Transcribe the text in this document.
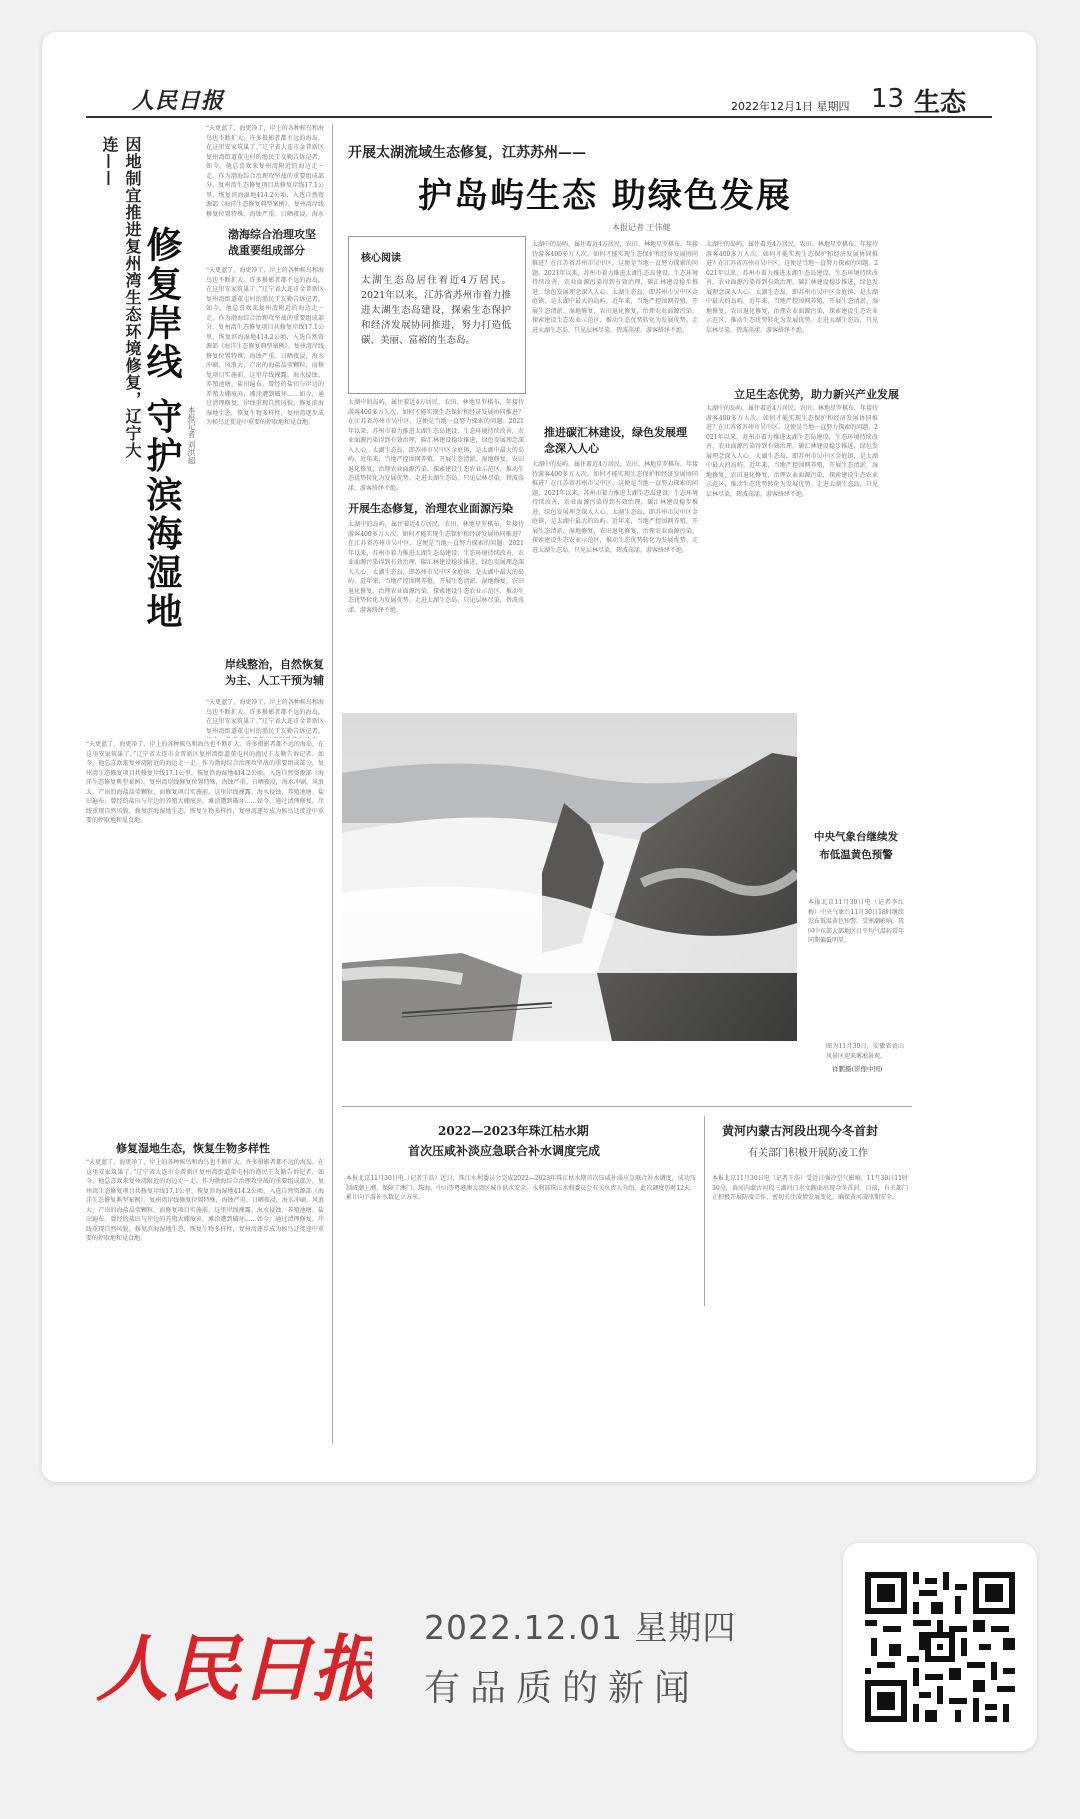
人民日报	2022年12月1日 星期四 13 生态
因地制宜推进复州湾生态环境修复，辽宁大连——
修复岸线 守护滨海湿地 本报记者 刘洪超
“天更蓝了，海更净了，岸上的各种候鸟和海鸟也不断扩大。许多摄影者都不远的海岛，在这里安家筑巢了。”辽宁省大连市金普新区复州湾街道董屯村的渔民王友勤告诉记者。如今，他总喜欢来复州湾附近的海边走一走。作为渤海综合治理攻坚战的重要组成部分，复州湾生态修复项目共修复岸线17.1公里，恢复滨海湿地414.2公顷，入选自然资源部《海洋生态修复典型案例》。复州湾岸线修复位置特殊，海蚀严重。日晒夜浸，海水
渤海综合治理攻坚战重要组成部分
“天更蓝了，海更净了，岸上的各种候鸟和海鸟也不断扩大。许多摄影者都不远的海岛，在这里安家筑巢了。”辽宁省大连市金普新区复州湾街道董屯村的渔民王友勤告诉记者。如今，他总喜欢来复州湾附近的海边走一走。作为渤海综合治理攻坚战的重要组成部分，复州湾生态修复项目共修复岸线17.1公里，恢复滨海湿地414.2公顷，入选自然资源部《海洋生态修复典型案例》。复州湾岸线修复位置特殊，海蚀严重。日晒夜浸，海水冲刷、风浪大，产出的海盐晶莹颗粒，而修复项目实施前，这里岸线裸露、海水侵蚀、养殖池塘、盐田遍布。曾经的盐田与岸边的养殖大棚废弃，滩涂遭到破坏……如今，通过清理修复，岸线重现自然风貌。修复滨海湿地生态，恢复生物多样性，复州湾逐步成为候鸟迁徙途中重要的停歇地和觅食地。
岸线整治，自然恢复为主、人工干预为辅
“天更蓝了，海更净了，岸上的各种候鸟和海鸟也不断扩大。许多摄影者都不远的海岛，在这里安家筑巢了。”辽宁省大连市金普新区复州湾街道董屯村的渔民王友勤告诉记者。
“天更蓝了，海更净了，岸上的各种候鸟和海鸟也不断扩大。许多摄影者都不远的海岛，在这里安家筑巢了。”辽宁省大连市金普新区复州湾街道董屯村的渔民王友勤告诉记者。如今，他总喜欢来复州湾附近的海边走一走。作为渤海综合治理攻坚战的重要组成部分，复州湾生态修复项目共修复岸线17.1公里，恢复滨海湿地414.2公顷，入选自然资源部《海洋生态修复典型案例》。复州湾岸线修复位置特殊，海蚀严重。日晒夜浸，海水冲刷、风浪大，产出的海盐晶莹颗粒，而修复项目实施前，这里岸线裸露、海水侵蚀、养殖池塘、盐田遍布。曾经的盐田与岸边的养殖大棚废弃，滩涂遭到破坏……如今，通过清理修复，岸线重现自然风貌。修复滨海湿地生态，恢复生物多样性，复州湾逐步成为候鸟迁徙途中重要的停歇地和觅食地。
修复湿地生态，恢复生物多样性
“天更蓝了，海更净了，岸上的各种候鸟和海鸟也不断扩大。许多摄影者都不远的海岛，在这里安家筑巢了。”辽宁省大连市金普新区复州湾街道董屯村的渔民王友勤告诉记者。如今，他总喜欢来复州湾附近的海边走一走。作为渤海综合治理攻坚战的重要组成部分，复州湾生态修复项目共修复岸线17.1公里，恢复滨海湿地414.2公顷，入选自然资源部《海洋生态修复典型案例》。复州湾岸线修复位置特殊，海蚀严重。日晒夜浸，海水冲刷、风浪大，产出的海盐晶莹颗粒，而修复项目实施前，这里岸线裸露、海水侵蚀、养殖池塘、盐田遍布。曾经的盐田与岸边的养殖大棚废弃，滩涂遭到破坏……如今，通过清理修复，岸线重现自然风貌。修复滨海湿地生态，恢复生物多样性，复州湾逐步成为候鸟迁徙途中重要的停歇地和觅食地。
开展太湖流域生态修复，江苏苏州——
护岛屿生态 助绿色发展
本报记者 王伟健
核心阅读
太湖生态岛居住着近4万居民。2021年以来，江苏省苏州市着力推进太湖生态岛建设，探索生态保护和经济发展协同推进，努力打造低碳、美丽、富裕的生态岛。
太湖中的岛屿，属住着近4万居民，农田、林地星罗棋布，年接待游客400多万人次。如何才能实现生态保护和经济发展协同推进？在江苏省苏州市吴中区，这便是当地一直努力探索的问题。2021年以来，苏州市着力推进太湖生态岛建设，生态环境持续改善，农业面源污染得到有效治理，碳汇林建设稳步推进，绿色发展理念深入人心。太湖生态岛，即苏州市吴中区金庭镇，是太湖中最大的岛屿。近年来，当地严控围网养殖，开展生态清淤、湿地修复，农田退化修复，治理农业面源污染，探索建设生态农业示范区，推动生态优势转化为发展优势。走进太湖生态岛，只见层林尽染，碧波荡漾，游客络绎不绝。
开展生态修复，治理农业面源污染
太湖中的岛屿，属住着近4万居民，农田、林地星罗棋布，年接待游客400多万人次。如何才能实现生态保护和经济发展协同推进？在江苏省苏州市吴中区，这便是当地一直努力探索的问题。2021年以来，苏州市着力推进太湖生态岛建设，生态环境持续改善，农业面源污染得到有效治理，碳汇林建设稳步推进，绿色发展理念深入人心。太湖生态岛，即苏州市吴中区金庭镇，是太湖中最大的岛屿。近年来，当地严控围网养殖，开展生态清淤、湿地修复，农田退化修复，治理农业面源污染，探索建设生态农业示范区，推动生态优势转化为发展优势。走进太湖生态岛，只见层林尽染，碧波荡漾，游客络绎不绝。
太湖中的岛屿，属住着近4万居民，农田、林地星罗棋布，年接待游客400多万人次。如何才能实现生态保护和经济发展协同推进？在江苏省苏州市吴中区，这便是当地一直努力探索的问题。2021年以来，苏州市着力推进太湖生态岛建设，生态环境持续改善，农业面源污染得到有效治理，碳汇林建设稳步推进，绿色发展理念深入人心。太湖生态岛，即苏州市吴中区金庭镇，是太湖中最大的岛屿。近年来，当地严控围网养殖，开展生态清淤、湿地修复，农田退化修复，治理农业面源污染，探索建设生态农业示范区，推动生态优势转化为发展优势。走进太湖生态岛，只见层林尽染，碧波荡漾，游客络绎不绝。
推进碳汇林建设，绿色发展理念深入人心
太湖中的岛屿，属住着近4万居民，农田、林地星罗棋布，年接待游客400多万人次。如何才能实现生态保护和经济发展协同推进？在江苏省苏州市吴中区，这便是当地一直努力探索的问题。2021年以来，苏州市着力推进太湖生态岛建设，生态环境持续改善，农业面源污染得到有效治理，碳汇林建设稳步推进，绿色发展理念深入人心。太湖生态岛，即苏州市吴中区金庭镇，是太湖中最大的岛屿。近年来，当地严控围网养殖，开展生态清淤、湿地修复，农田退化修复，治理农业面源污染，探索建设生态农业示范区，推动生态优势转化为发展优势。走进太湖生态岛，只见层林尽染，碧波荡漾，游客络绎不绝。
太湖中的岛屿，属住着近4万居民，农田、林地星罗棋布，年接待游客400多万人次。如何才能实现生态保护和经济发展协同推进？在江苏省苏州市吴中区，这便是当地一直努力探索的问题。2021年以来，苏州市着力推进太湖生态岛建设，生态环境持续改善，农业面源污染得到有效治理，碳汇林建设稳步推进，绿色发展理念深入人心。太湖生态岛，即苏州市吴中区金庭镇，是太湖中最大的岛屿。近年来，当地严控围网养殖，开展生态清淤、湿地修复，农田退化修复，治理农业面源污染，探索建设生态农业示范区，推动生态优势转化为发展优势。走进太湖生态岛，只见层林尽染，碧波荡漾，游客络绎不绝。
立足生态优势，助力新兴产业发展
太湖中的岛屿，属住着近4万居民，农田、林地星罗棋布，年接待游客400多万人次。如何才能实现生态保护和经济发展协同推进？在江苏省苏州市吴中区，这便是当地一直努力探索的问题。2021年以来，苏州市着力推进太湖生态岛建设，生态环境持续改善，农业面源污染得到有效治理，碳汇林建设稳步推进，绿色发展理念深入人心。太湖生态岛，即苏州市吴中区金庭镇，是太湖中最大的岛屿。近年来，当地严控围网养殖，开展生态清淤、湿地修复，农田退化修复，治理农业面源污染，探索建设生态农业示范区，推动生态优势转化为发展优势。走进太湖生态岛，只见层林尽染，碧波荡漾，游客络绎不绝。
中央气象台继续发布低温黄色预警
本报北京11月30日电（记者李红梅）中央气象台11月30日18时继续发布低温黄色预警。受寒潮影响，我国中东部大部地区日平均气温较常年同期偏低明显。
图为11月30日，安徽省黄山风景区迎来雾凇景观。
祥鹏摄(影像中国)
2022—2023年珠江枯水期
首次压咸补淡应急联合补水调度完成
本报北京11月30日电（记者王浩）近日，珠江水利委员会完成2022—2023年珠江枯水期首次压咸补淡应急联合补水调度，成功压制咸潮上溯，保障了澳门、珠海、中山等粤港澳大湾区城市供水安全。水利部珠江水利委员会有关负责人介绍，此次调度历时12天，累计向下游补水数亿立方米。
黄河内蒙古河段出现今冬首封
有关部门积极开展防凌工作
本报北京11月30日电（记者王浩）受近日强冷空气影响，11月30日11时30分，黄河内蒙古河段三湖河口水文断面出现今冬首封。目前，有关部门正积极开展防凌工作，密切关注凌情发展变化，确保黄河凌汛期安全。
人民日报 2022.12.01 星期四
有品质的新闻
